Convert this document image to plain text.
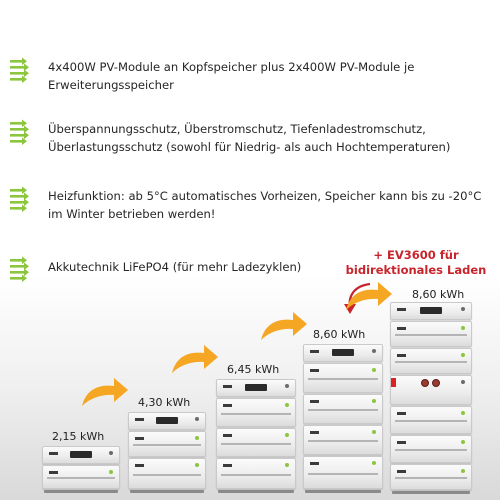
4x400W PV-Module an Kopfspeicher plus 2x400W PV-Module je Erweiterungsspeicher
Überspannungsschutz, Überstromschutz, Tiefenladestromschutz, Überlastungsschutz (sowohl für Niedrig- als auch Hochtemperaturen)
Heizfunktion: ab 5°C automatisches Vorheizen, Speicher kann bis zu -20°C im Winter betrieben werden!
Akkutechnik LiFePO4 (für mehr Ladezyklen)
+ EV3600 für
bidirektionales Laden
2,15 kWh
4,30 kWh
6,45 kWh
8,60 kWh
8,60 kWh
